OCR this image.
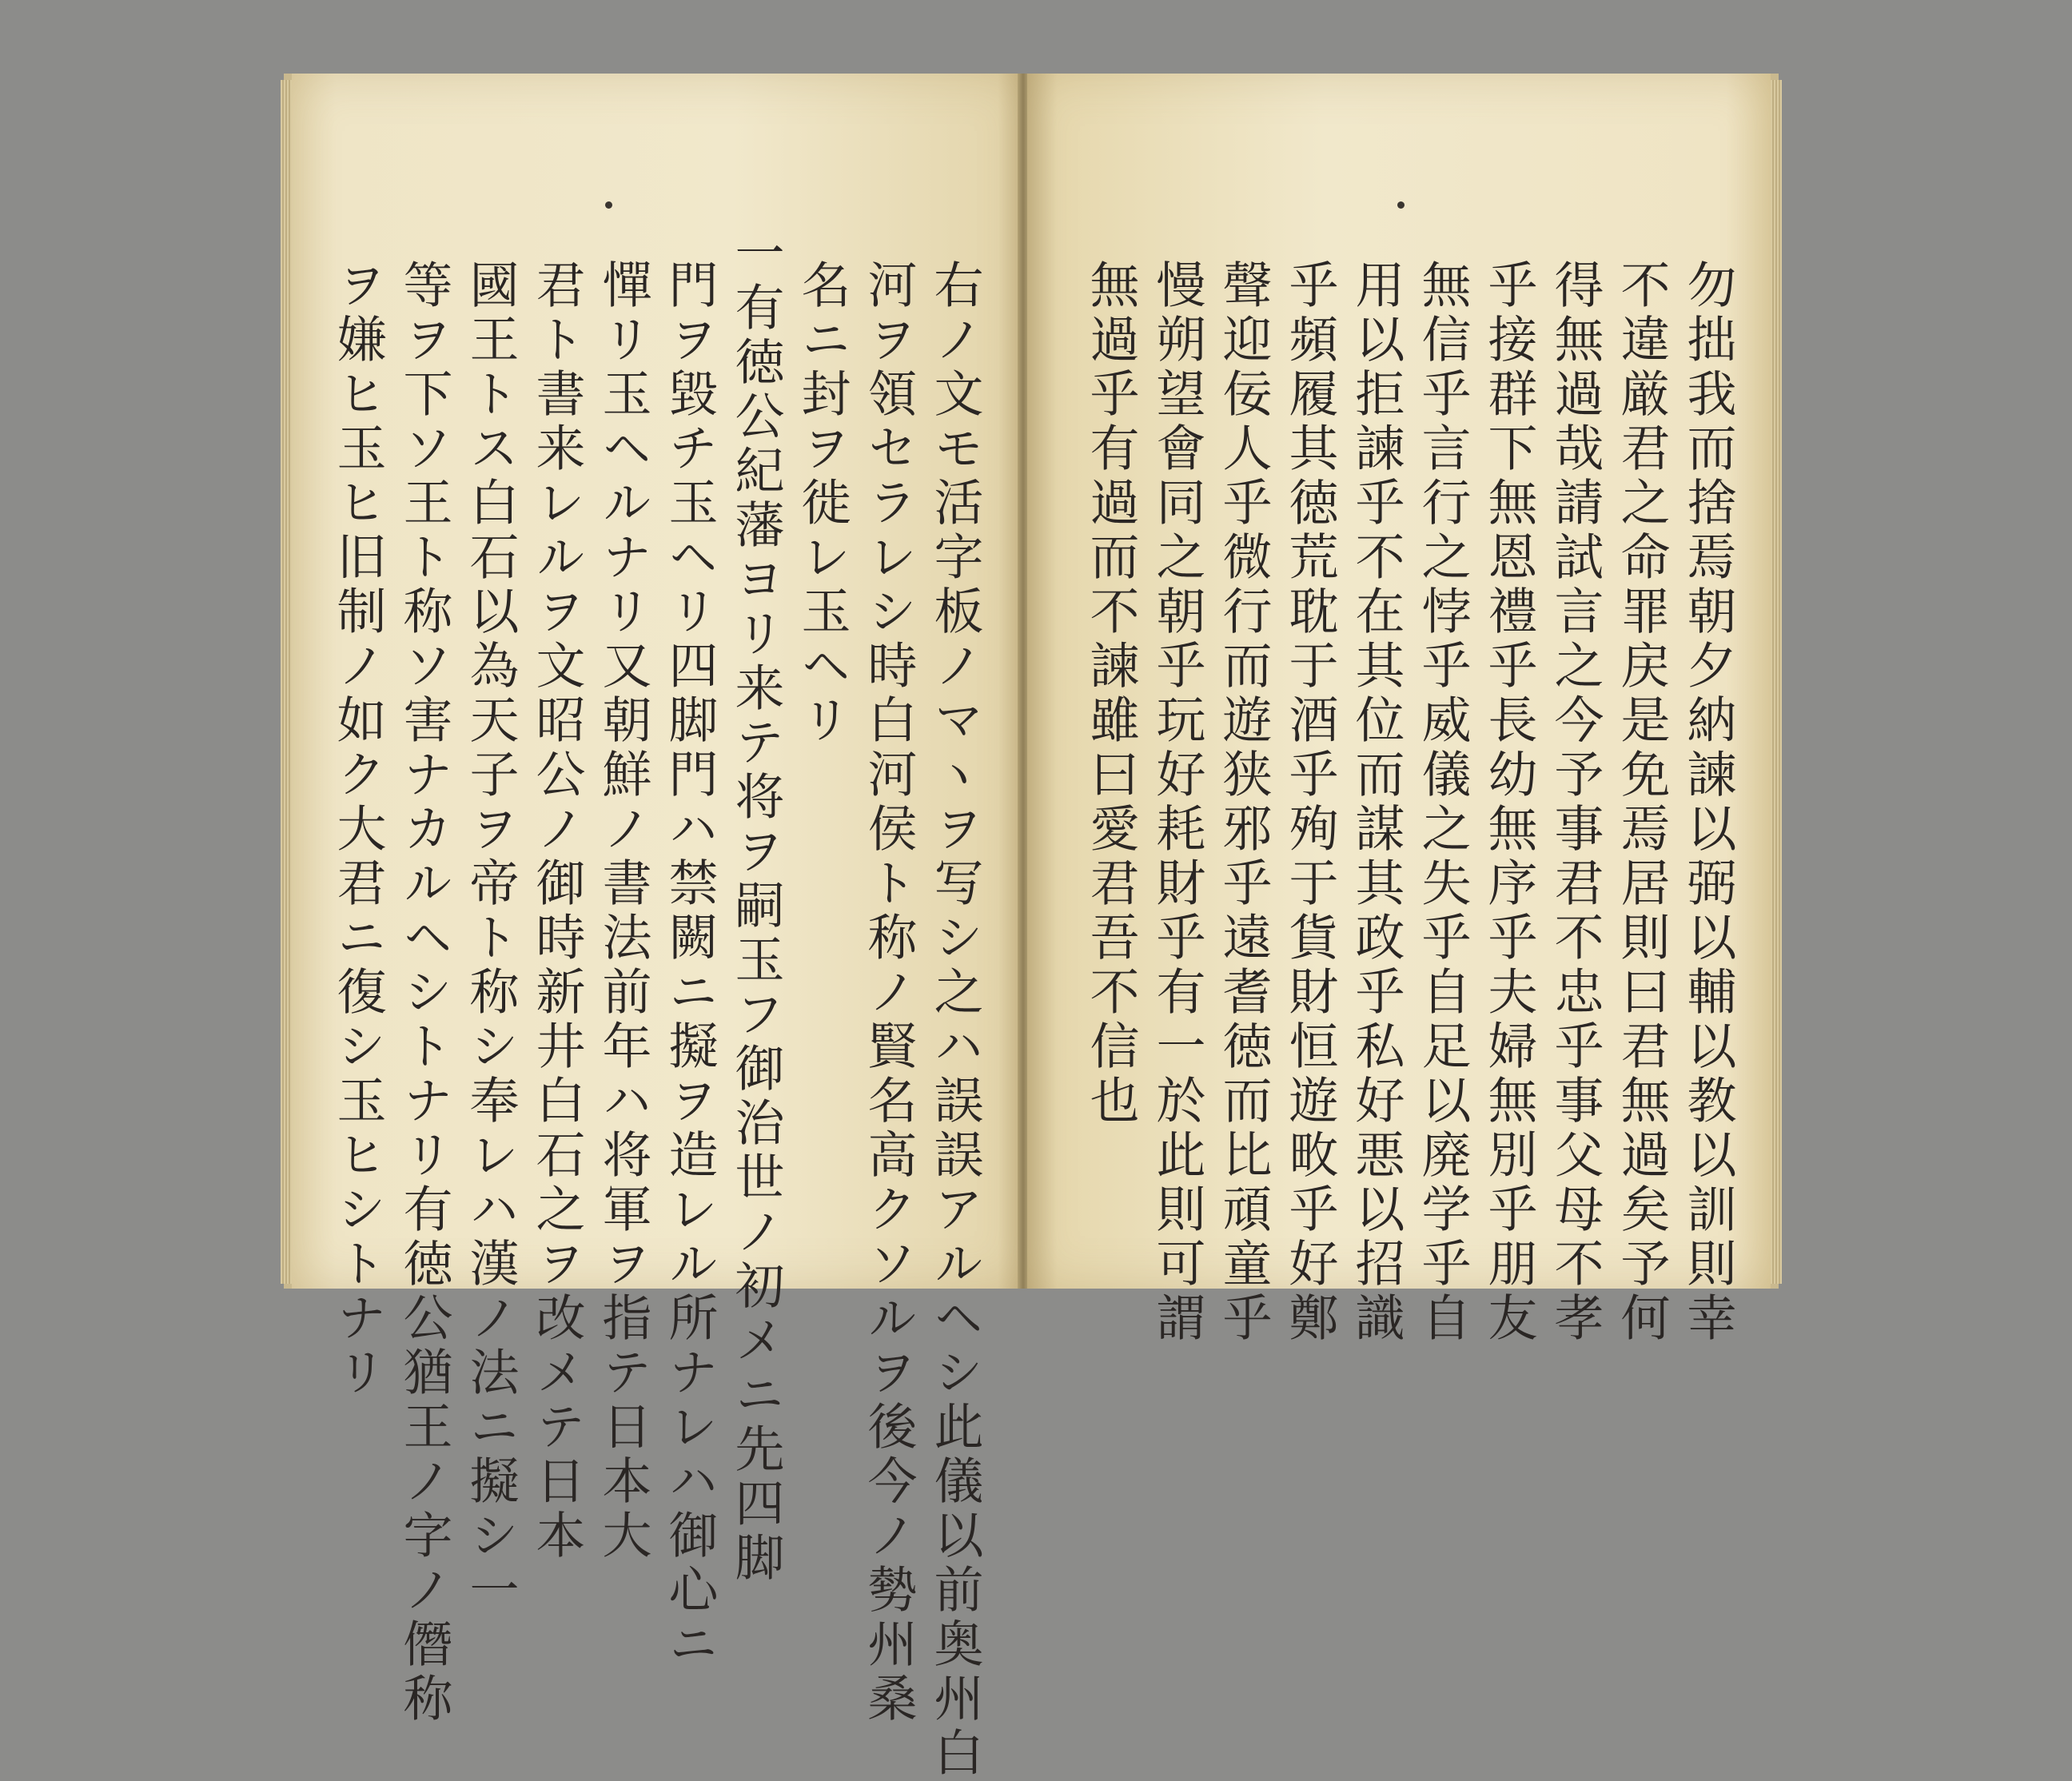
右ノ文モ活字板ノマヽヲ写シ之ハ誤誤アルヘシ此儀以前奥州白
河ヲ領セラレシ時白河侯ト称ノ賢名高クソルヲ後今ノ勢州桑
名ニ封ヲ徙レ玉ヘリ
一有徳公紀藩ヨリ来テ将ヲ嗣玉フ御治世ノ初メニ先四脚
門ヲ毀チ玉ヘリ四脚門ハ禁闕ニ擬ヲ造レル所ナレハ御心ニ
憚リ玉ヘルナリ又朝鮮ノ書法前年ハ将軍ヲ指テ日本大
君ト書来レルヲ文昭公ノ御時新井白石之ヲ改メテ日本
國王トス白石以為天子ヲ帝ト称シ奉レハ漢ノ法ニ擬シ一
等ヲ下ソ王ト称ソ害ナカルヘシトナリ有徳公猶王ノ字ノ僭称
ヲ嫌ヒ玉ヒ旧制ノ如ク大君ニ復シ玉ヒシトナリ	勿拙我而捨焉朝夕納諫以弼以輔以教以訓則幸
不違厳君之命罪戻是免焉居則曰君無過矣予何
得無過哉請試言之今予事君不忠乎事父母不孝
乎接群下無恩禮乎長幼無序乎夫婦無別乎朋友
無信乎言行之悖乎威儀之失乎自足以廃学乎自
用以拒諫乎不在其位而謀其政乎私好悪以招識
乎頻履其徳荒耽于酒乎殉于貨財恒遊畋乎好鄭
聲迎佞人乎微行而遊狭邪乎遠耆徳而比頑童乎
慢朔望會同之朝乎玩好耗財乎有一於此則可謂
無過乎有過而不諫雖曰愛君吾不信也
